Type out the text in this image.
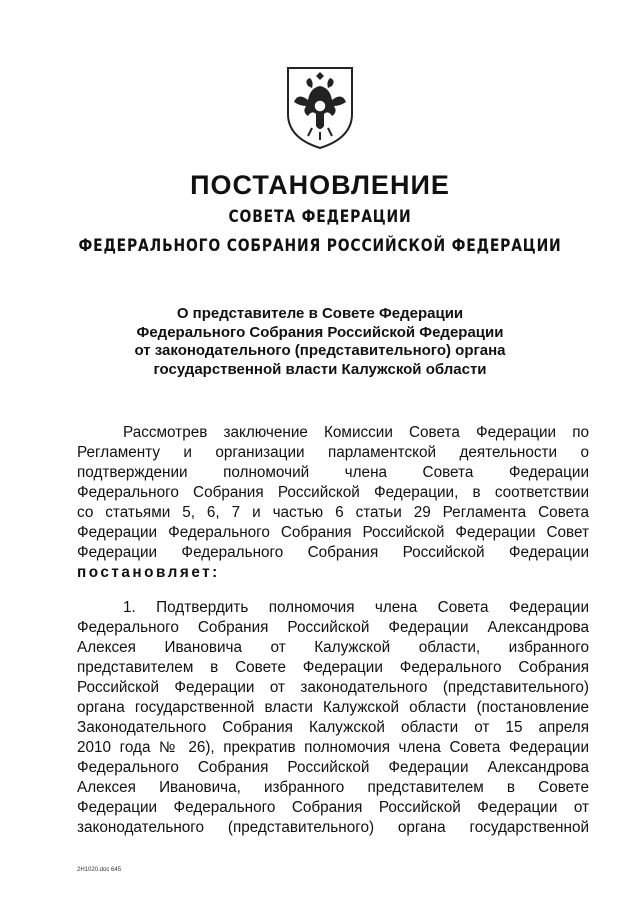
ПОСТАНОВЛЕНИЕ
СОВЕТА ФЕДЕРАЦИИ
ФЕДЕРАЛЬНОГО СОБРАНИЯ РОССИЙСКОЙ ФЕДЕРАЦИИ
О представителе в Совете Федерации
Федерального Собрания Российской Федерации
от законодательного (представительного) органа
государственной власти Калужской области
Рассмотрев заключение Комиссии Совета Федерации по
Регламенту и организации парламентской деятельности о
подтверждении полномочий члена Совета Федерации
Федерального Собрания Российской Федерации, в соответствии
со статьями 5, 6, 7 и частью 6 статьи 29 Регламента Совета
Федерации Федерального Собрания Российской Федерации Совет
Федерации Федерального Собрания Российской Федерации
постановляет:
1. Подтвердить полномочия члена Совета Федерации
Федерального Собрания Российской Федерации Александрова
Алексея Ивановича от Калужской области, избранного
представителем в Совете Федерации Федерального Собрания
Российской Федерации от законодательного (представительного)
органа государственной власти Калужской области (постановление
Законодательного Собрания Калужской области от 15 апреля
2010 года № 26), прекратив полномочия члена Совета Федерации
Федерального Собрания Российской Федерации Александрова
Алексея Ивановича, избранного представителем в Совете
Федерации Федерального Собрания Российской Федерации от
законодательного (представительного) органа государственной
2Н1020.doc 645
